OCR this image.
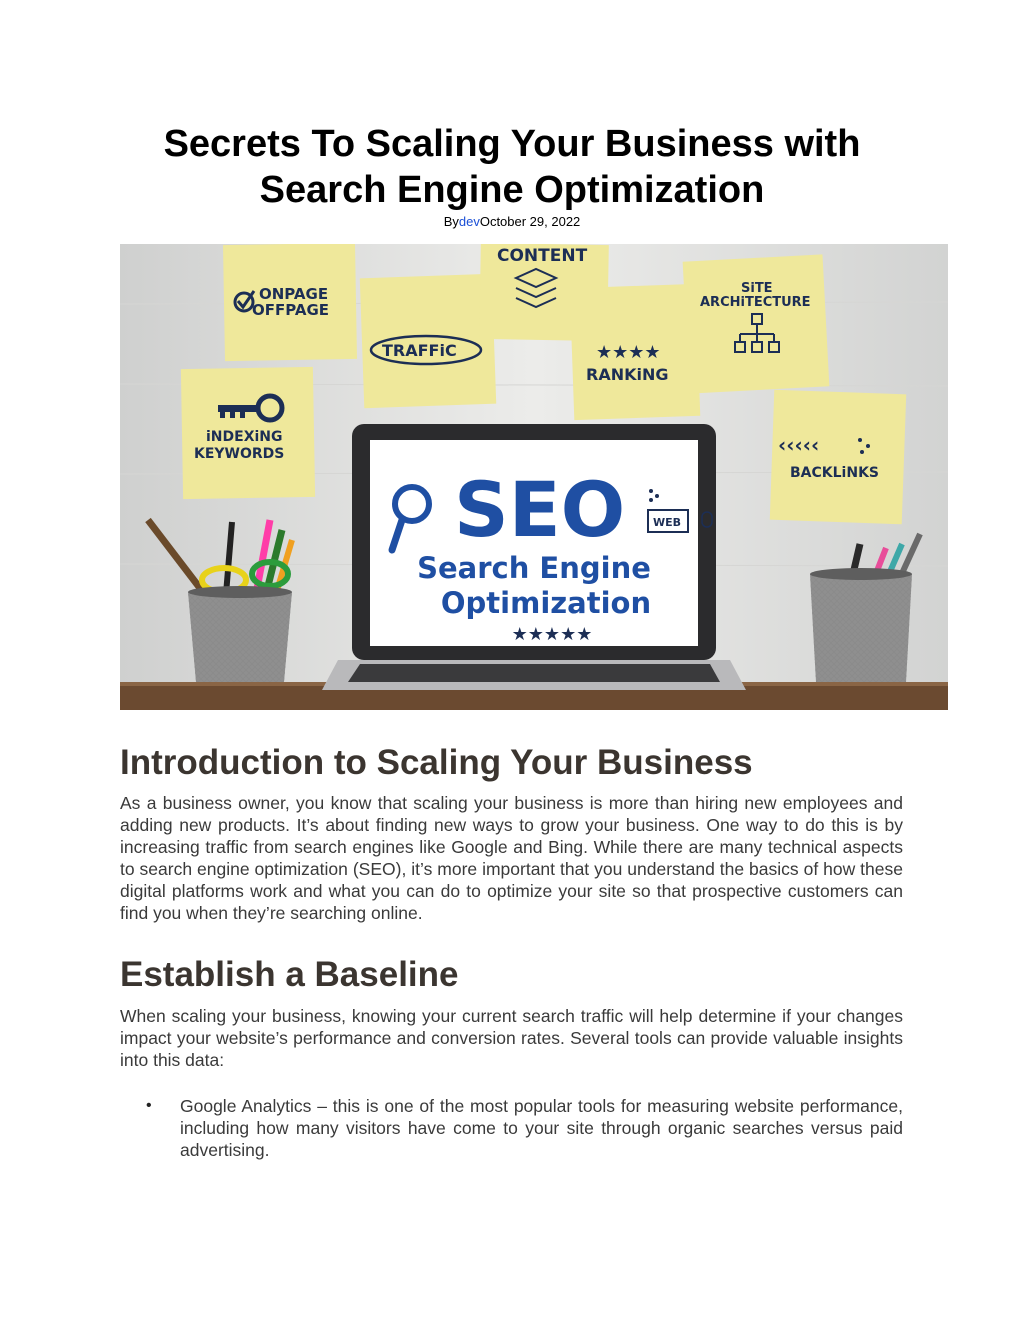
Secrets To Scaling Your Business with Search Engine Optimization
BydevOctober 29, 2022
ONPAGE
OFFPAGE
TRAFFiC
CONTENT
★★★★
RANKiNG
SiTE
ARCHiTECTURE
iNDEXiNG
KEYWORDS	‹‹‹‹‹
BACKLiNKS
SEO	WEB
Search Engine
Optimization
★★★★★
Introduction to Scaling Your Business

As a business owner, you know that scaling your business is more than hiring new employees and adding new products. It’s about finding new ways to grow your business. One way to do this is by increasing traffic from search engines like Google and Bing. While there are many technical aspects to search engine optimization (SEO), it’s more important that you understand the basics of how these digital platforms work and what you can do to optimize your site so that prospective customers can find you when they’re searching online.

Establish a Baseline

When scaling your business, knowing your current search traffic will help determine if your changes impact your website’s performance and conversion rates. Several tools can provide valuable insights into this data:

• Google Analytics – this is one of the most popular tools for measuring website performance, including how many visitors have come to your site through organic searches versus paid advertising.
